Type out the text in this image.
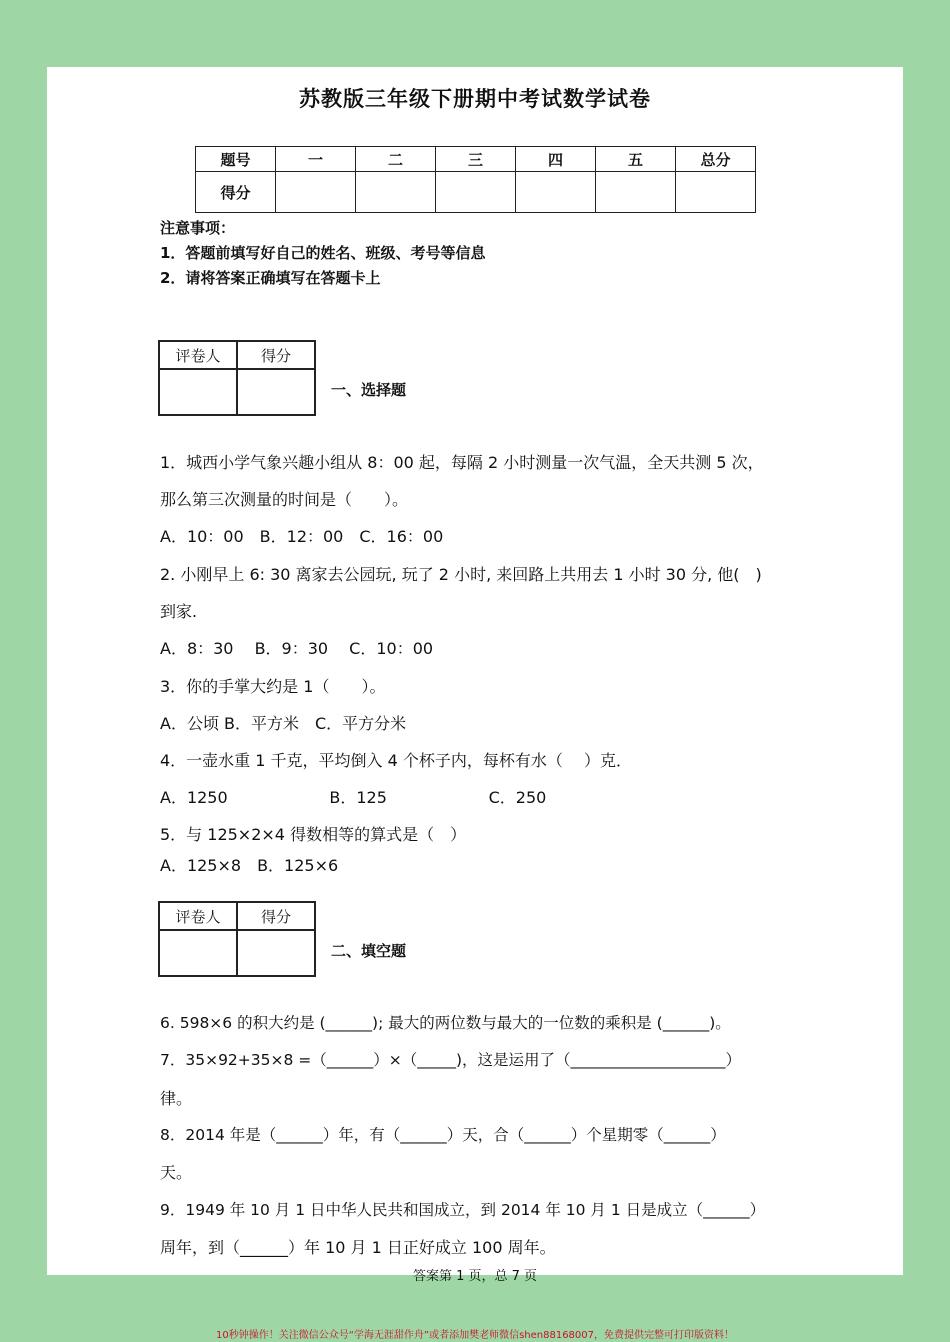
苏教版三年级下册期中考试数学试卷
题号	一	二	三	四	五	总分
得分						
注意事项：
1．答题前填写好自己的姓名、班级、考号等信息
2．请将答案正确填写在答题卡上
评卷人	得分

一、选择题
1．城西小学气象兴趣小组从 8：00 起，每隔 2 小时测量一次气温，全天共测 5 次，
那么第三次测量的时间是（　　）。
A．10：00　B．12：00　C．16：00
2. 小刚早上 6: 30 离家去公园玩, 玩了 2 小时, 来回路上共用去 1 小时 30 分, 他(　)
到家.
A．8：30　 B．9：30　 C．10：00
3．你的手掌大约是 1（　　）。
A．公顷 B．平方米　C．平方分米
4．一壶水重 1 千克，平均倒入 4 个杯子内，每杯有水（　 ）克．
A．1250                    B．125                    C．250
5．与 125×2×4 得数相等的算式是（　）
A．125×8　B．125×6
评卷人	得分

二、填空题
6. 598×6 的积大约是 (______); 最大的两位数与最大的一位数的乘积是 (______)。
7．35×92+35×8 =（______）×（_____)，这是运用了（____________________）
律。
8．2014 年是（______）年，有（______）天，合（______）个星期零（______）
天。
9．1949 年 10 月 1 日中华人民共和国成立，到 2014 年 10 月 1 日是成立（______）
周年，到（______）年 10 月 1 日正好成立 100 周年。
答案第 1 页，总 7 页
10秒钟操作！关注微信公众号“学海无涯甜作舟”或者添加樊老师微信shen88168007，免费提供完整可打印版资料！
